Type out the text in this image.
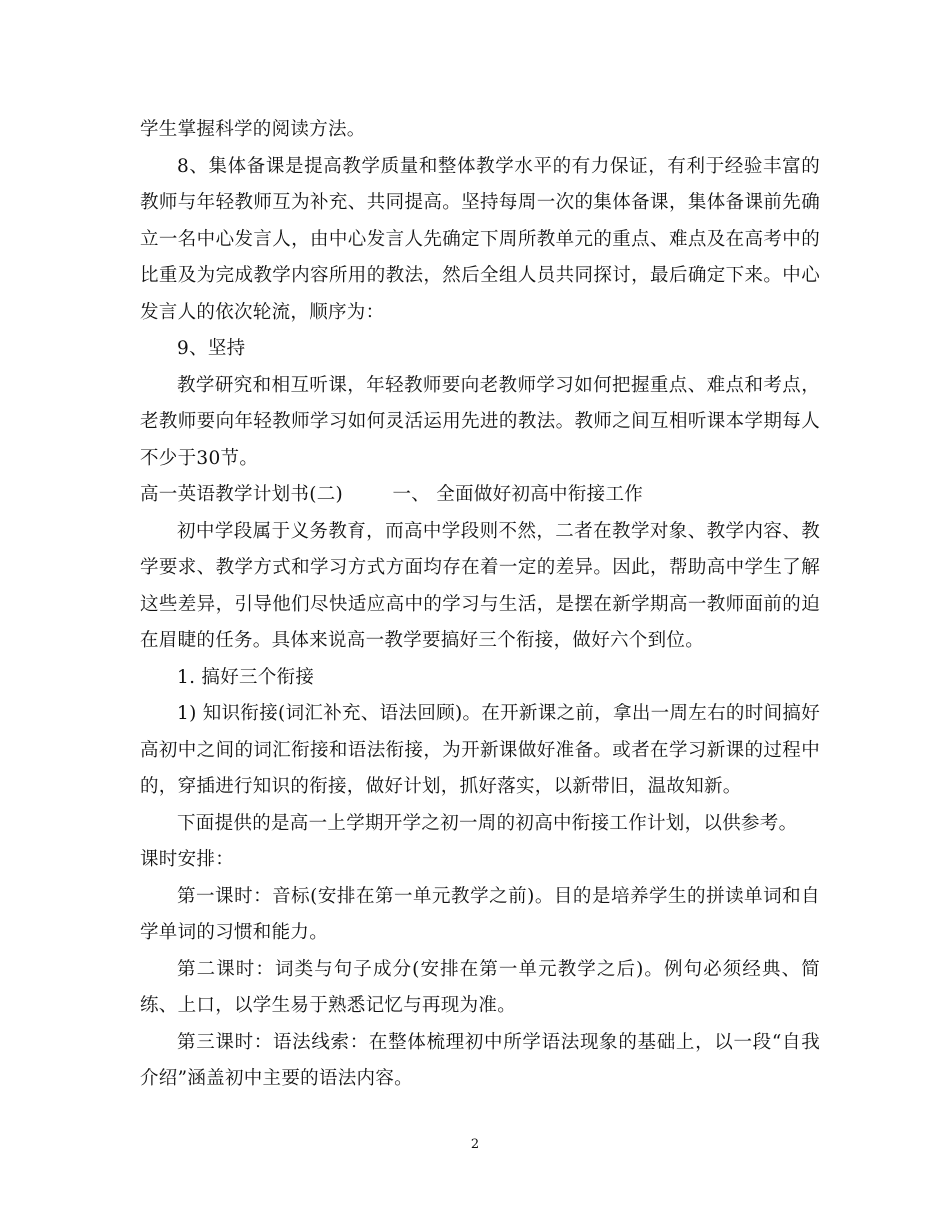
学生掌握科学的阅读方法。

8、集体备课是提高教学质量和整体教学水平的有力保证，有利于经验丰富的教师与年轻教师互为补充、共同提高。坚持每周一次的集体备课，集体备课前先确立一名中心发言人，由中心发言人先确定下周所教单元的重点、难点及在高考中的比重及为完成教学内容所用的教法，然后全组人员共同探讨，最后确定下来。中心发言人的依次轮流，顺序为：

9、坚持

教学研究和相互听课，年轻教师要向老教师学习如何把握重点、难点和考点，老教师要向年轻教师学习如何灵活运用先进的教法。教师之间互相听课本学期每人不少于30节。

高一英语教学计划书(二)        一、 全面做好初高中衔接工作

初中学段属于义务教育，而高中学段则不然，二者在教学对象、教学内容、教学要求、教学方式和学习方式方面均存在着一定的差异。因此，帮助高中学生了解这些差异，引导他们尽快适应高中的学习与生活，是摆在新学期高一教师面前的迫在眉睫的任务。具体来说高一教学要搞好三个衔接，做好六个到位。

1. 搞好三个衔接

1) 知识衔接(词汇补充、语法回顾)。在开新课之前，拿出一周左右的时间搞好高初中之间的词汇衔接和语法衔接，为开新课做好准备。或者在学习新课的过程中的，穿插进行知识的衔接，做好计划，抓好落实，以新带旧，温故知新。

下面提供的是高一上学期开学之初一周的初高中衔接工作计划，以供参考。

课时安排：

第一课时：音标(安排在第一单元教学之前)。目的是培养学生的拼读单词和自学单词的习惯和能力。

第二课时：词类与句子成分(安排在第一单元教学之后)。例句必须经典、简练、上口，以学生易于熟悉记忆与再现为准。

第三课时：语法线索：在整体梳理初中所学语法现象的基础上，以一段“自我介绍”涵盖初中主要的语法内容。

2
